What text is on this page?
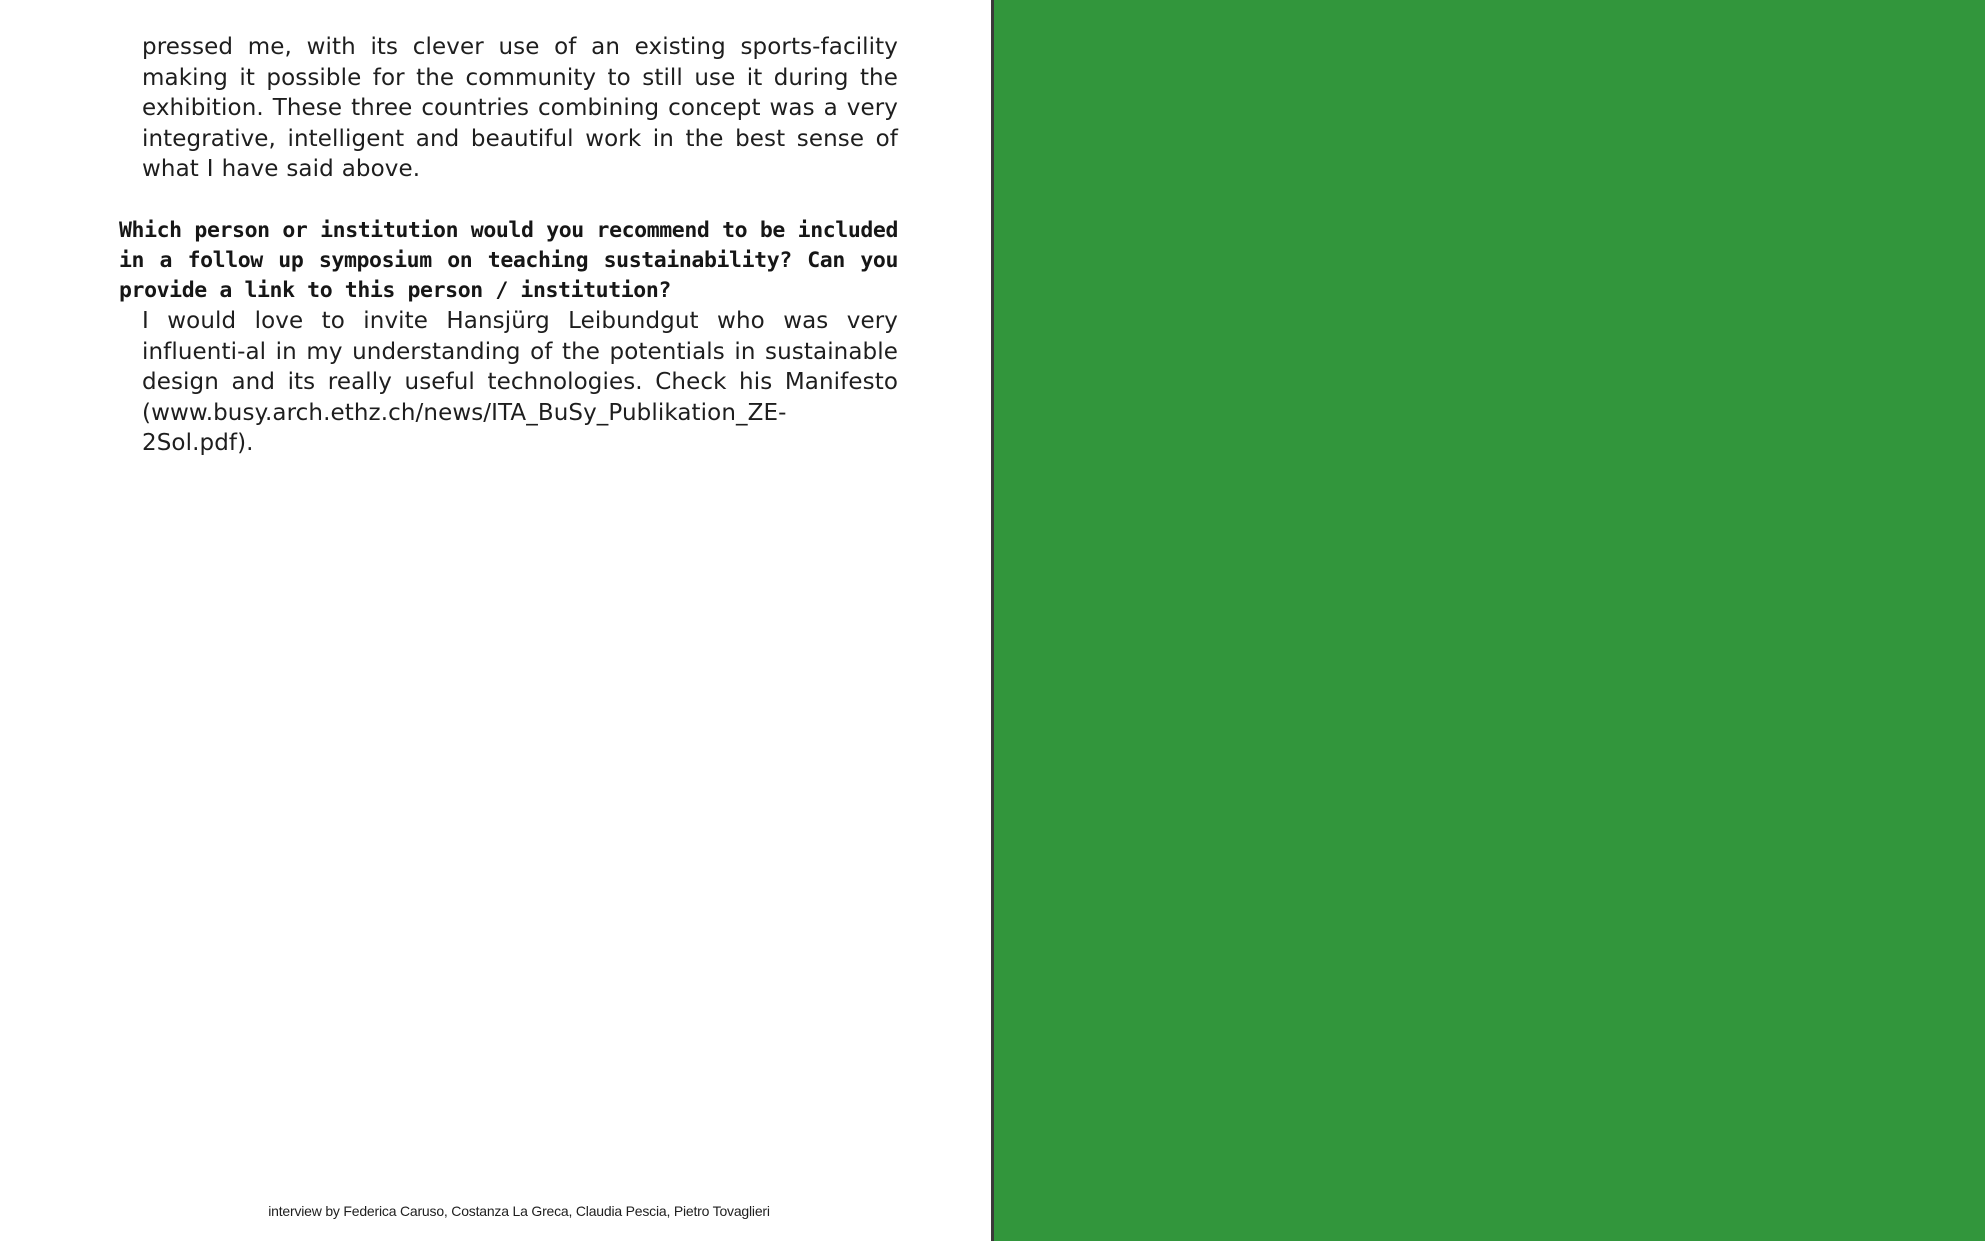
pressed me, with its clever use of an existing sports-facility making it possible for the community to still use it during the exhibition. These three countries combining concept was a very integrative, intelligent and beautiful work in the best sense of what I have said above.

Which person or institution would you recommend to be included in a follow up symposium on teaching sustainability? Can you provide a link to this person / institution?

I would love to invite Hansjürg Leibundgut who was very influenti-al in my understanding of the potentials in sustainable design and its really useful technologies. Check his Manifesto (www.busy.arch.ethz.ch/news/ITA_BuSy_Publikation_ZE-2Sol.pdf).

interview by Federica Caruso, Costanza La Greca, Claudia Pescia, Pietro Tovaglieri
